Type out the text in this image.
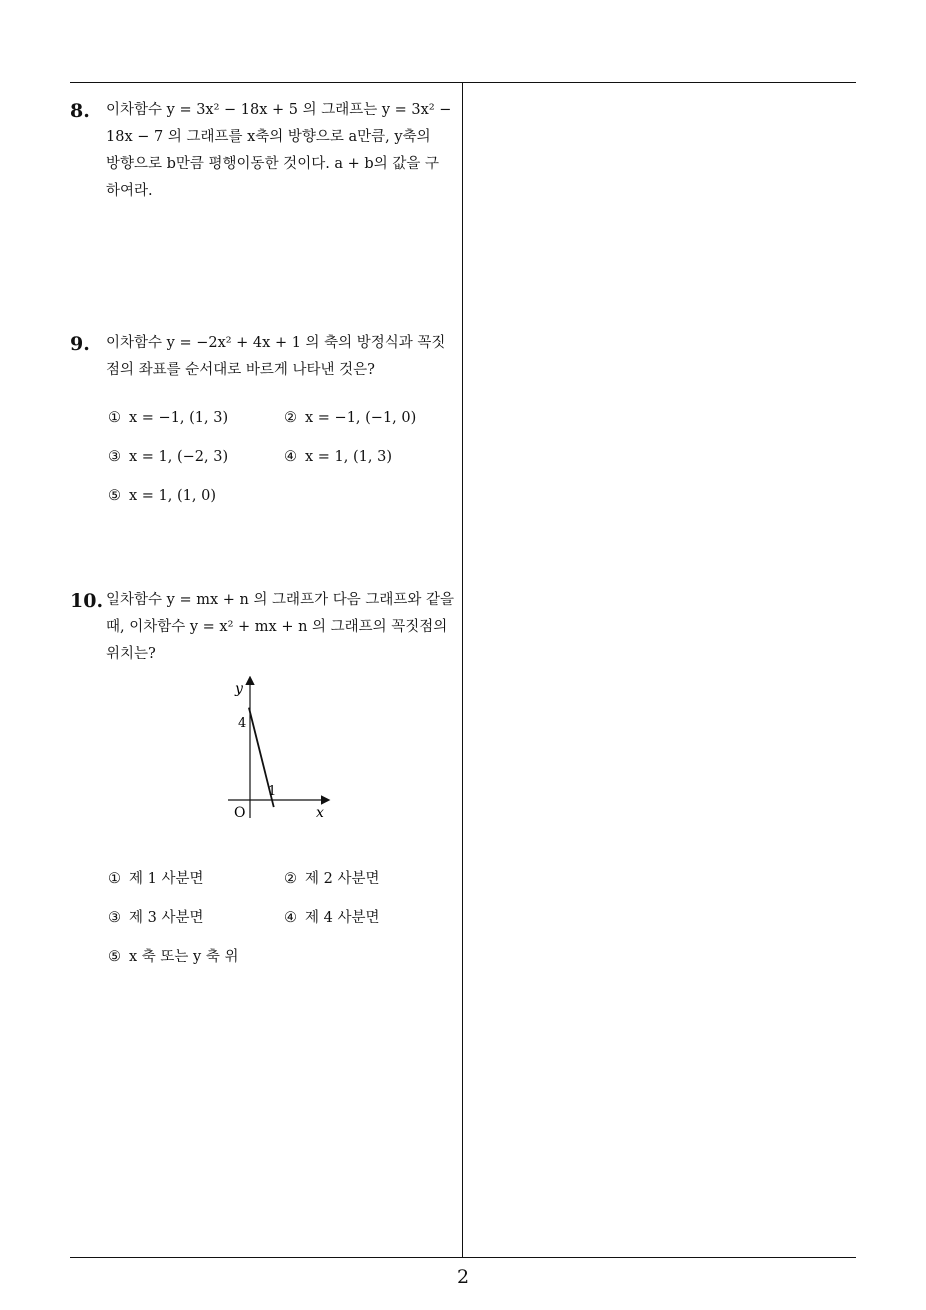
8. 이차함수 y = 3x² − 18x + 5 의 그래프는 y = 3x² −
18x − 7 의 그래프를 x축의 방향으로 a만큼, y축의
방향으로 b만큼 평행이동한 것이다. a + b의 값을 구
하여라.
9. 이차함수 y = −2x² + 4x + 1 의 축의 방정식과 꼭짓
점의 좌표를 순서대로 바르게 나타낸 것은?
① x = −1, (1, 3)	② x = −1, (−1, 0)
③ x = 1, (−2, 3)	④ x = 1, (1, 3)
⑤ x = 1, (1, 0)
10. 일차함수 y = mx + n 의 그래프가 다음 그래프와 같을
때, 이차함수 y = x² + mx + n 의 그래프의 꼭짓점의
위치는?
y
x
O
4
1
① 제 1 사분면	② 제 2 사분면
③ 제 3 사분면	④ 제 4 사분면
⑤ x 축 또는 y 축 위
2
